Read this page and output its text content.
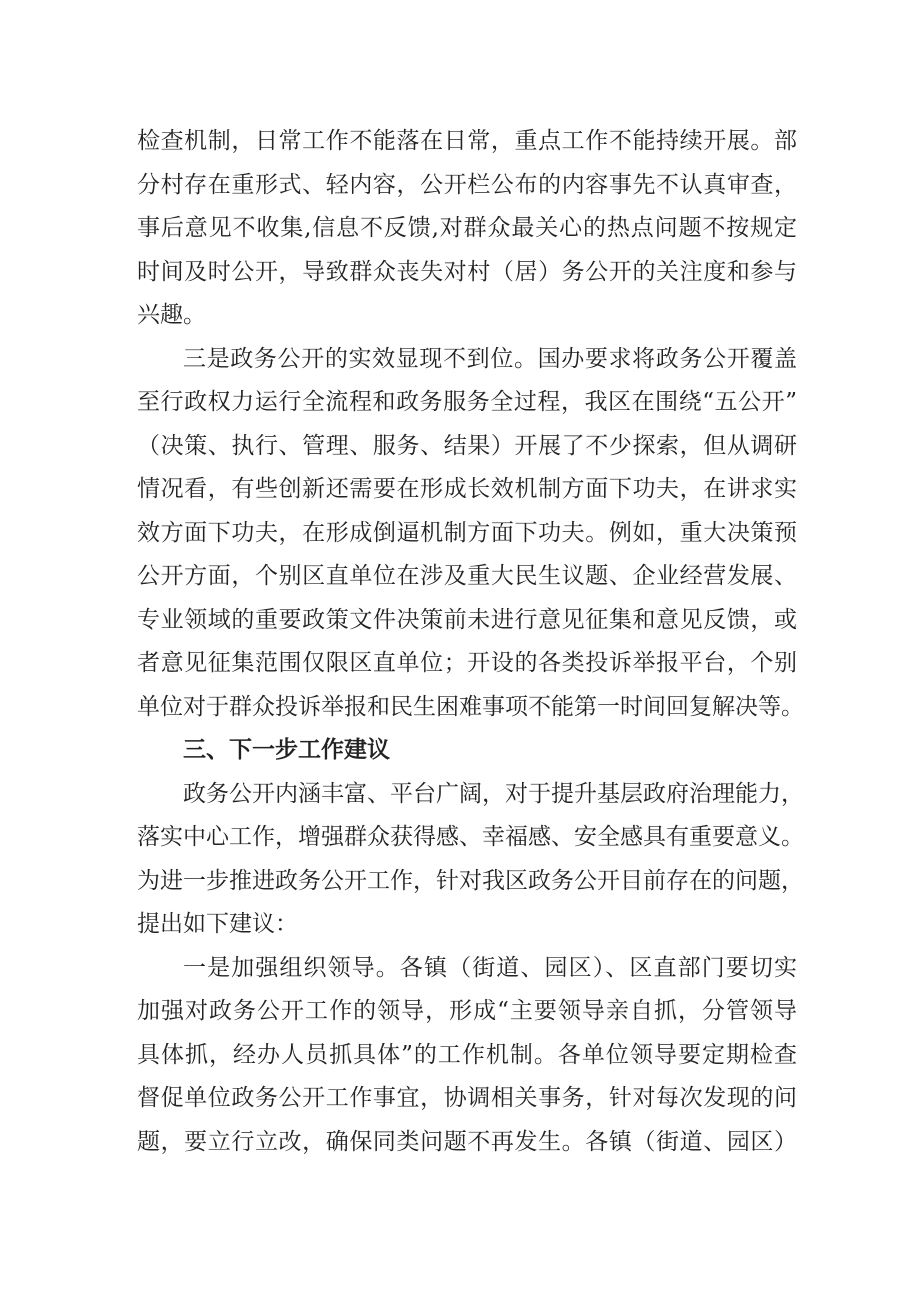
检查机制，日常工作不能落在日常，重点工作不能持续开展。部
分村存在重形式、轻内容，公开栏公布的内容事先不认真审查，
事后意见不收集,信息不反馈,对群众最关心的热点问题不按规定
时间及时公开，导致群众丧失对村（居）务公开的关注度和参与
兴趣。
三是政务公开的实效显现不到位。国办要求将政务公开覆盖
至行政权力运行全流程和政务服务全过程，我区在围绕“五公开”
（决策、执行、管理、服务、结果）开展了不少探索，但从调研
情况看，有些创新还需要在形成长效机制方面下功夫，在讲求实
效方面下功夫，在形成倒逼机制方面下功夫。例如，重大决策预
公开方面，个别区直单位在涉及重大民生议题、企业经营发展、
专业领域的重要政策文件决策前未进行意见征集和意见反馈，或
者意见征集范围仅限区直单位；开设的各类投诉举报平台，个别
单位对于群众投诉举报和民生困难事项不能第一时间回复解决等。
三、下一步工作建议
政务公开内涵丰富、平台广阔，对于提升基层政府治理能力，
落实中心工作，增强群众获得感、幸福感、安全感具有重要意义。
为进一步推进政务公开工作，针对我区政务公开目前存在的问题，
提出如下建议：
一是加强组织领导。各镇（街道、园区）、区直部门要切实
加强对政务公开工作的领导，形成“主要领导亲自抓，分管领导
具体抓，经办人员抓具体”的工作机制。各单位领导要定期检查
督促单位政务公开工作事宜，协调相关事务，针对每次发现的问
题，要立行立改，确保同类问题不再发生。各镇（街道、园区）
